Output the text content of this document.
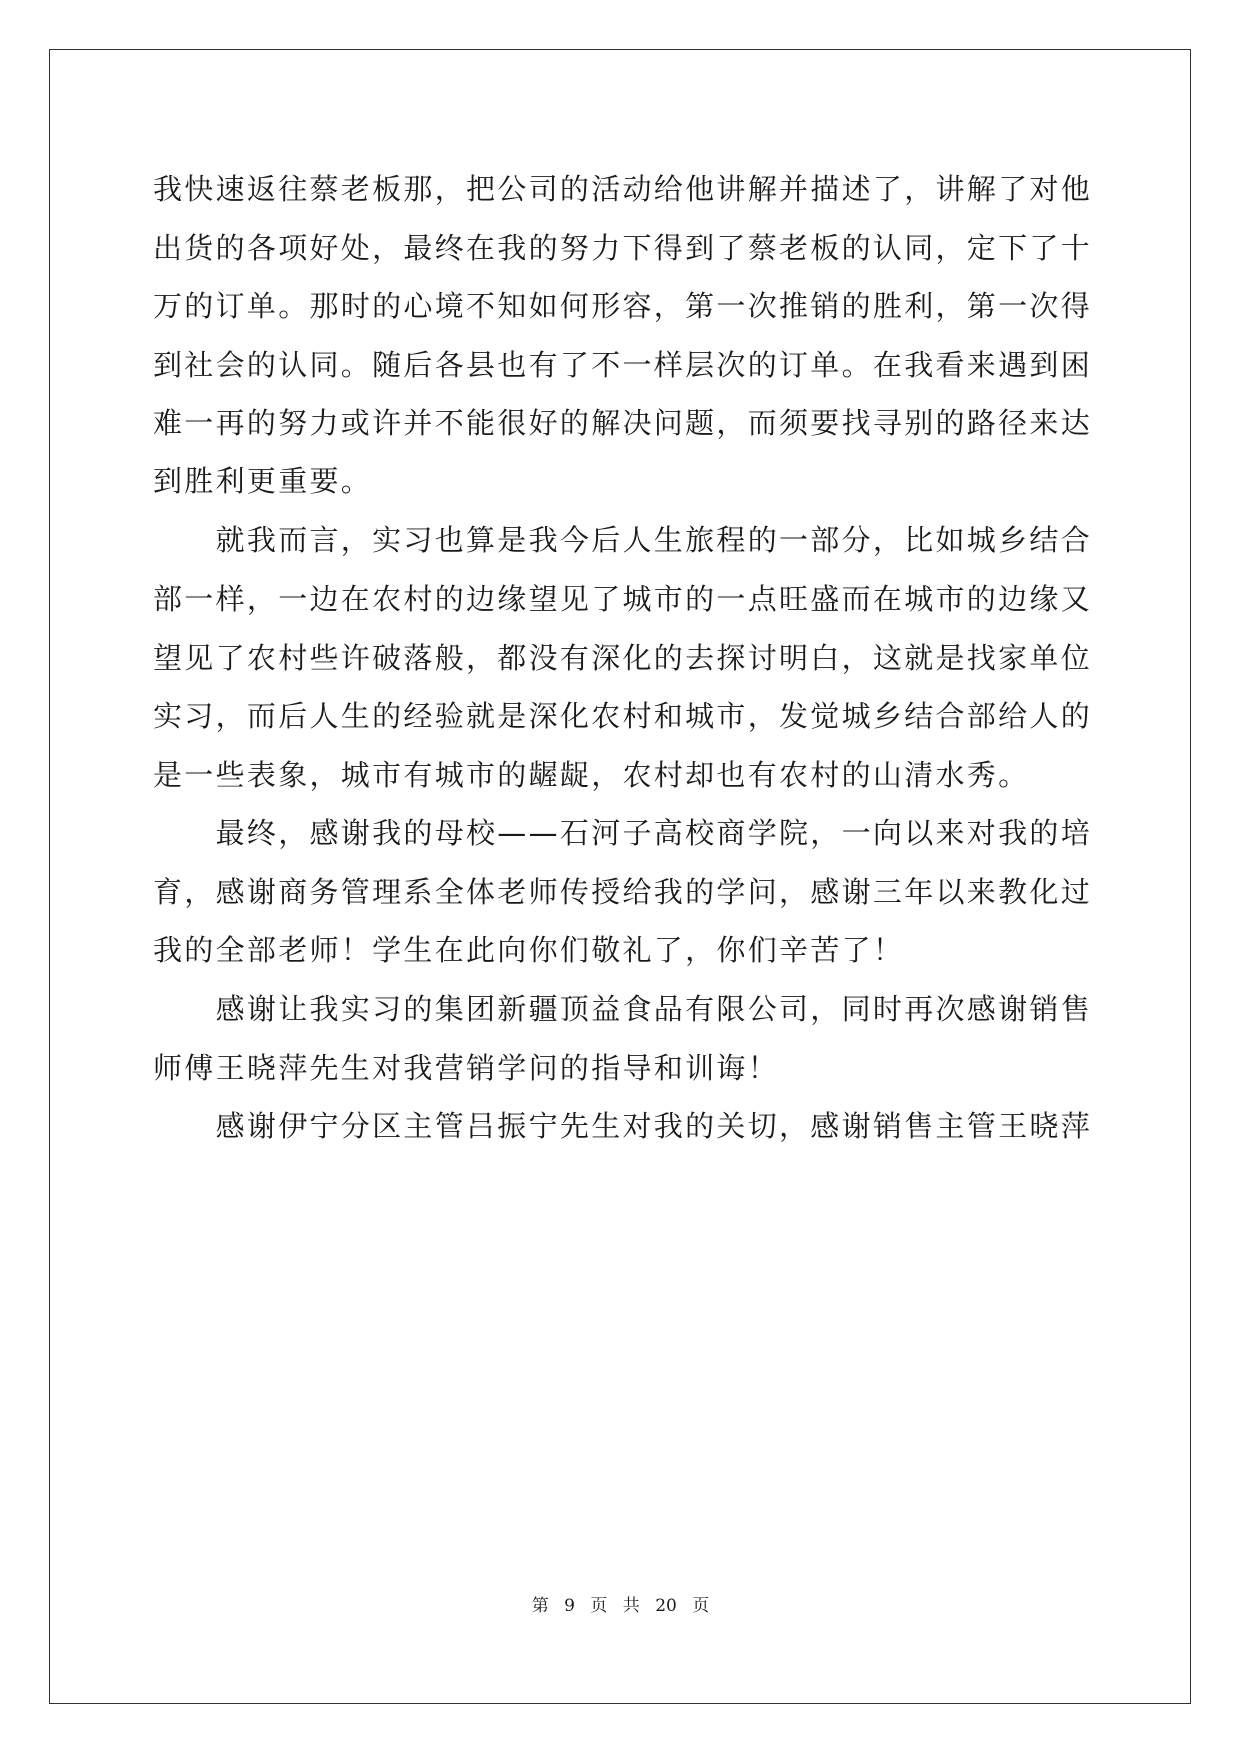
我快速返往蔡老板那，把公司的活动给他讲解并描述了，讲解了对他
出货的各项好处，最终在我的努力下得到了蔡老板的认同，定下了十
万的订单。那时的心境不知如何形容，第一次推销的胜利，第一次得
到社会的认同。随后各县也有了不一样层次的订单。在我看来遇到困
难一再的努力或许并不能很好的解决问题，而须要找寻别的路径来达
到胜利更重要。
　　就我而言，实习也算是我今后人生旅程的一部分，比如城乡结合
部一样，一边在农村的边缘望见了城市的一点旺盛而在城市的边缘又
望见了农村些许破落般，都没有深化的去探讨明白，这就是找家单位
实习，而后人生的经验就是深化农村和城市，发觉城乡结合部给人的
是一些表象，城市有城市的龌龊，农村却也有农村的山清水秀。
　　最终，感谢我的母校——石河子高校商学院，一向以来对我的培
育，感谢商务管理系全体老师传授给我的学问，感谢三年以来教化过
我的全部老师！学生在此向你们敬礼了，你们辛苦了！
　　感谢让我实习的集团新疆顶益食品有限公司，同时再次感谢销售
师傅王晓萍先生对我营销学问的指导和训诲！
　　感谢伊宁分区主管吕振宁先生对我的关切，感谢销售主管王晓萍
第 9 页 共 20 页
